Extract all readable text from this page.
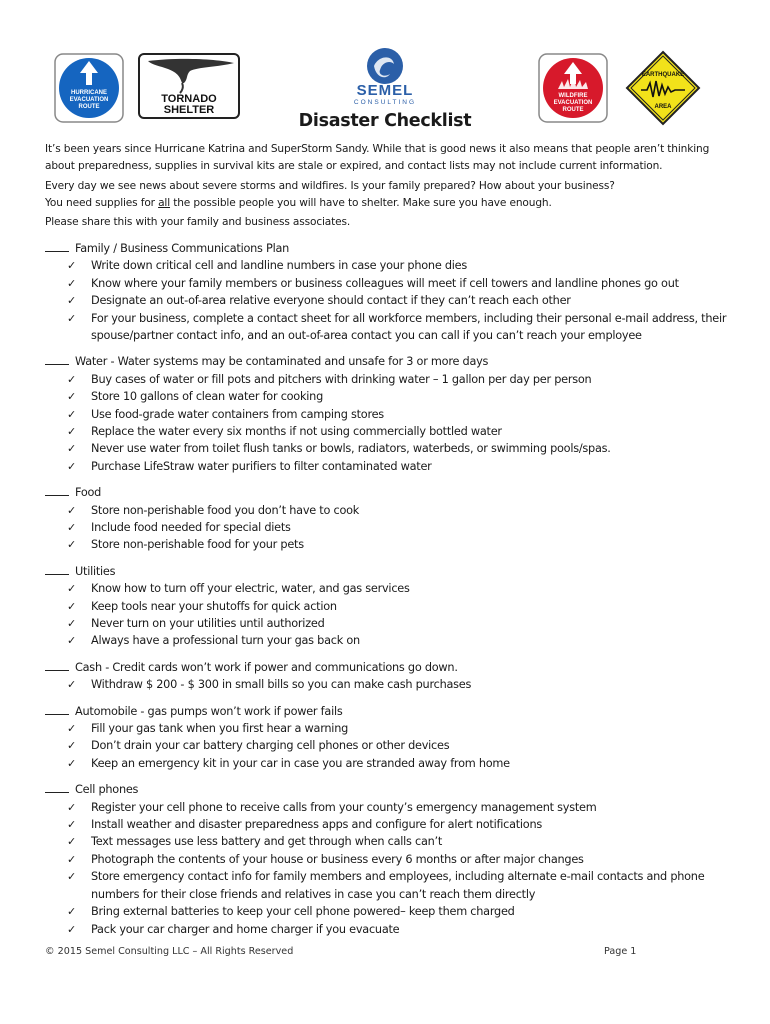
HURRICANE
EVACUATION
ROUTE
TORNADO
SHELTER
SEMEL
CONSULTING
WILDFIRE
EVACUATION
ROUTE
EARTHQUAKE
AREA
Disaster Checklist

It’s been years since Hurricane Katrina and SuperStorm Sandy. While that is good news it also means that people aren’t thinking about preparedness, supplies in survival kits are stale or expired, and contact lists may not include current information.

Every day we see news about severe storms and wildfires. Is your family prepared? How about your business?

You need supplies for all the possible people you will have to shelter. Make sure you have enough.

Please share this with your family and business associates.

Family / Business Communications Plan
✓ Write down critical cell and landline numbers in case your phone dies
✓ Know where your family members or business colleagues will meet if cell towers and landline phones go out
✓ Designate an out-of-area relative everyone should contact if they can’t reach each other
✓ For your business, complete a contact sheet for all workforce members, including their personal e-mail address, their spouse/partner contact info, and an out-of-area contact you can call if you can’t reach your employee
Water - Water systems may be contaminated and unsafe for 3 or more days
✓ Buy cases of water or fill pots and pitchers with drinking water – 1 gallon per day per person
✓ Store 10 gallons of clean water for cooking
✓ Use food-grade water containers from camping stores
✓ Replace the water every six months if not using commercially bottled water
✓ Never use water from toilet flush tanks or bowls, radiators, waterbeds, or swimming pools/spas.
✓ Purchase LifeStraw water purifiers to filter contaminated water
Food
✓ Store non-perishable food you don’t have to cook
✓ Include food needed for special diets
✓ Store non-perishable food for your pets
Utilities
✓ Know how to turn off your electric, water, and gas services
✓ Keep tools near your shutoffs for quick action
✓ Never turn on your utilities until authorized
✓ Always have a professional turn your gas back on
Cash - Credit cards won’t work if power and communications go down.
✓ Withdraw $ 200 - $ 300 in small bills so you can make cash purchases
Automobile - gas pumps won’t work if power fails
✓ Fill your gas tank when you first hear a warning
✓ Don’t drain your car battery charging cell phones or other devices
✓ Keep an emergency kit in your car in case you are stranded away from home
Cell phones
✓ Register your cell phone to receive calls from your county’s emergency management system
✓ Install weather and disaster preparedness apps and configure for alert notifications
✓ Text messages use less battery and get through when calls can’t
✓ Photograph the contents of your house or business every 6 months or after major changes
✓ Store emergency contact info for family members and employees, including alternate e-mail contacts and phone numbers for their close friends and relatives in case you can’t reach them directly
✓ Bring external batteries to keep your cell phone powered– keep them charged
✓ Pack your car charger and home charger if you evacuate
© 2015 Semel Consulting LLC – All Rights Reserved	Page 1
